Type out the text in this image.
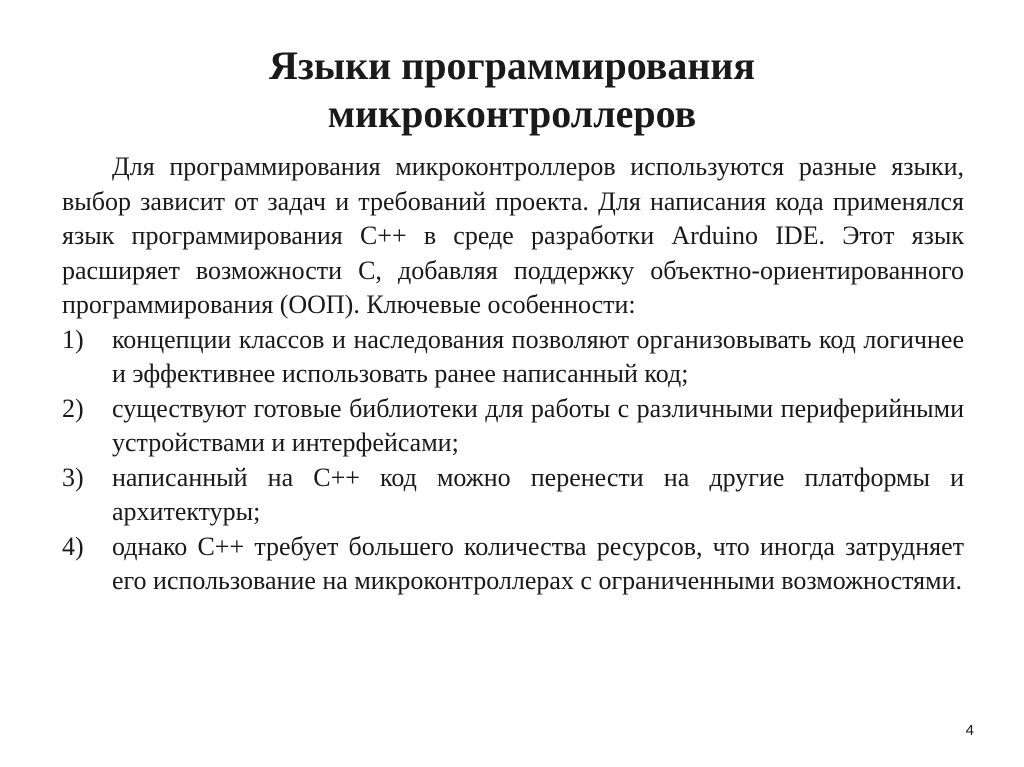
Языки программирования
микроконтроллеров

Для программирования микроконтроллеров используются разные языки, выбор зависит от задач и требований проекта. Для написания кода применялся язык программирования C++ в среде разработки Arduino IDE. Этот язык расширяет возможности С, добавляя поддержку объектно-ориентированного программирования (ООП). Ключевые особенности:

1)	концепции классов и наследования позволяют организовывать код логичнее и эффективнее использовать ранее написанный код;
2)	существуют готовые библиотеки для работы с различными периферийными устройствами и интерфейсами;
3)	написанный на С++ код можно перенести на другие платформы и архитектуры;
4)	однако С++ требует большего количества ресурсов, что иногда затрудняет его использование на микроконтроллерах с ограниченными возможностями.
4
